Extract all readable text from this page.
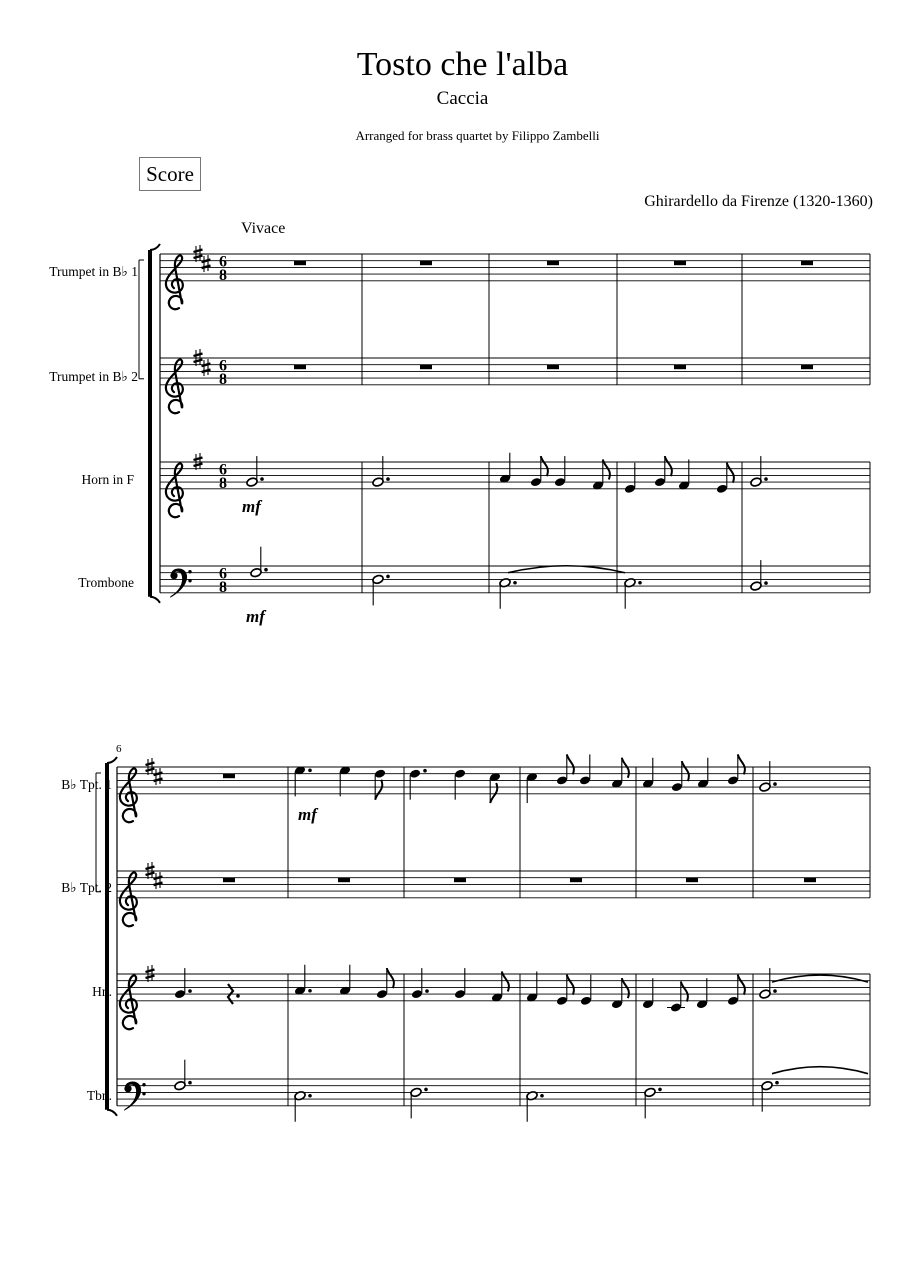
Tosto che l'alba
Caccia
Arranged for brass quartet by Filippo Zambelli
Score
Ghirardello da Firenze (1320-1360)
Vivace
Trumpet in B♭ 1
Trumpet in B♭ 2
Horn in F
Trombone
B♭ Tpt. 1
B♭ Tpt. 2
Hn.
Tbn.
6
8
6
8
6
8
6
8
mf
mf
6
mf
